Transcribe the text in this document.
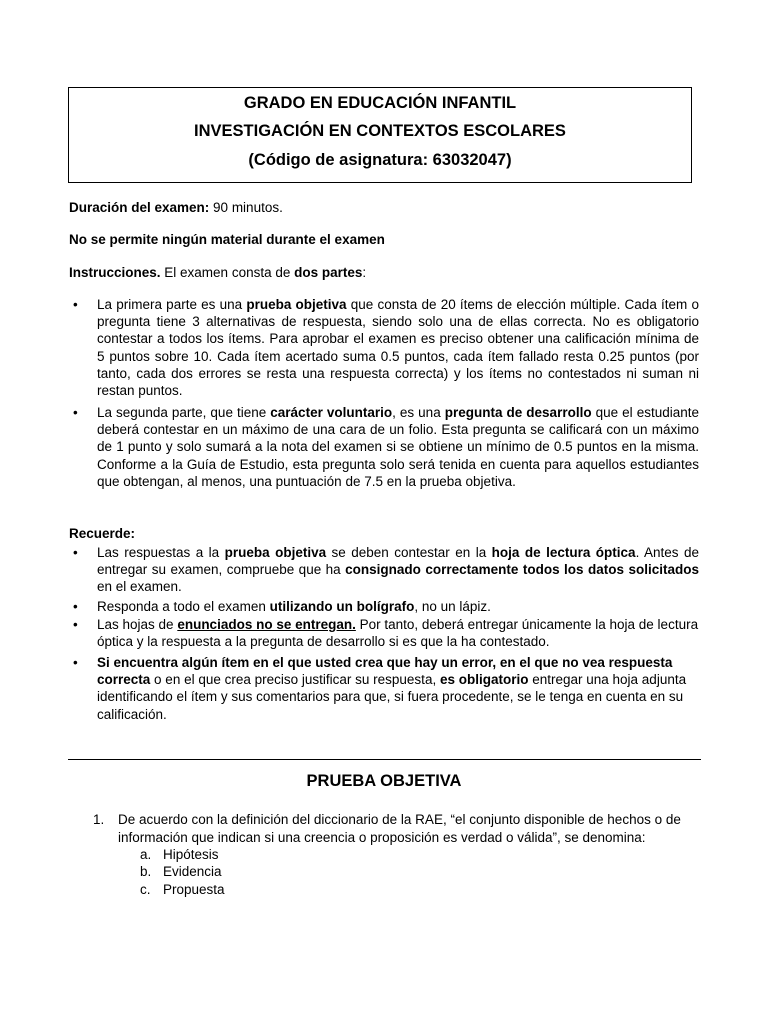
GRADO EN EDUCACIÓN INFANTIL
INVESTIGACIÓN EN CONTEXTOS ESCOLARES
(Código de asignatura: 63032047)
Duración del examen: 90 minutos.
No se permite ningún material durante el examen
Instrucciones. El examen consta de dos partes:
• La primera parte es una prueba objetiva que consta de 20 ítems de elección múltiple. Cada ítem o pregunta tiene 3 alternativas de respuesta, siendo solo una de ellas correcta. No es obligatorio contestar a todos los ítems. Para aprobar el examen es preciso obtener una calificación mínima de 5 puntos sobre 10. Cada ítem acertado suma 0.5 puntos, cada ítem fallado resta 0.25 puntos (por tanto, cada dos errores se resta una respuesta correcta) y los ítems no contestados ni suman ni restan puntos.
• La segunda parte, que tiene carácter voluntario, es una pregunta de desarrollo que el estudiante deberá contestar en un máximo de una cara de un folio. Esta pregunta se calificará con un máximo de 1 punto y solo sumará a la nota del examen si se obtiene un mínimo de 0.5 puntos en la misma. Conforme a la Guía de Estudio, esta pregunta solo será tenida en cuenta para aquellos estudiantes que obtengan, al menos, una puntuación de 7.5 en la prueba objetiva.
Recuerde:
• Las respuestas a la prueba objetiva se deben contestar en la hoja de lectura óptica. Antes de entregar su examen, compruebe que ha consignado correctamente todos los datos solicitados en el examen.
• Responda a todo el examen utilizando un bolígrafo, no un lápiz.
• Las hojas de enunciados no se entregan. Por tanto, deberá entregar únicamente la hoja de lectura óptica y la respuesta a la pregunta de desarrollo si es que la ha contestado.
• Si encuentra algún ítem en el que usted crea que hay un error, en el que no vea respuesta correcta o en el que crea preciso justificar su respuesta, es obligatorio entregar una hoja adjunta identificando el ítem y sus comentarios para que, si fuera procedente, se le tenga en cuenta en su calificación.
PRUEBA OBJETIVA
1. De acuerdo con la definición del diccionario de la RAE, “el conjunto disponible de hechos o de información que indican si una creencia o proposición es verdad o válida”, se denomina:
a. Hipótesis
b. Evidencia
c. Propuesta
